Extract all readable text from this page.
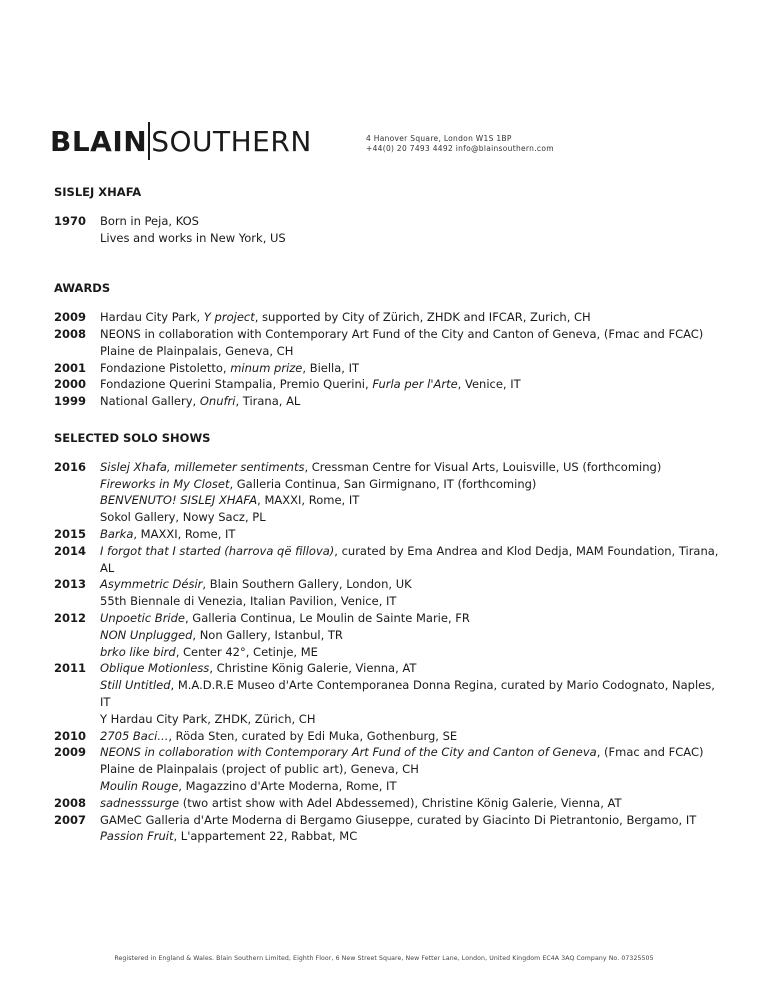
BLAIN SOUTHERN	4 Hanover Square, London W1S 1BP
+44(0) 20 7493 4492 info@blainsouthern.com
SISLEJ XHAFA
1970	Born in Peja, KOS
Lives and works in New York, US
AWARDS
2009	Hardau City Park, Y project, supported by City of Zürich, ZHDK and IFCAR, Zurich, CH
2008	NEONS in collaboration with Contemporary Art Fund of the City and Canton of Geneva, (Fmac and FCAC)
Plaine de Plainpalais, Geneva, CH
2001	Fondazione Pistoletto, minum prize, Biella, IT
2000	Fondazione Querini Stampalia, Premio Querini, Furla per l'Arte, Venice, IT
1999	National Gallery, Onufri, Tirana, AL
SELECTED SOLO SHOWS
2016	Sislej Xhafa, millemeter sentiments, Cressman Centre for Visual Arts, Louisville, US (forthcoming)
Fireworks in My Closet, Galleria Continua, San Girmignano, IT (forthcoming)
BENVENUTO! SISLEJ XHAFA, MAXXI, Rome, IT
Sokol Gallery, Nowy Sacz, PL
2015	Barka, MAXXI, Rome, IT
2014	I forgot that I started (harrova që fillova), curated by Ema Andrea and Klod Dedja, MAM Foundation, Tirana, AL
2013	Asymmetric Désir, Blain Southern Gallery, London, UK
55th Biennale di Venezia, Italian Pavilion, Venice, IT
2012	Unpoetic Bride, Galleria Continua, Le Moulin de Sainte Marie, FR
NON Unplugged, Non Gallery, Istanbul, TR
brko like bird, Center 42°, Cetinje, ME
2011	Oblique Motionless, Christine König Galerie, Vienna, AT
Still Untitled, M.A.D.R.E Museo d'Arte Contemporanea Donna Regina, curated by Mario Codognato, Naples, IT
Y Hardau City Park, ZHDK, Zürich, CH
2010	2705 Baci..., Röda Sten, curated by Edi Muka, Gothenburg, SE
2009	NEONS in collaboration with Contemporary Art Fund of the City and Canton of Geneva, (Fmac and FCAC)
Plaine de Plainpalais (project of public art), Geneva, CH
Moulin Rouge, Magazzino d'Arte Moderna, Rome, IT
2008	sadnesssurge (two artist show with Adel Abdessemed), Christine König Galerie, Vienna, AT
2007	GAMeC Galleria d'Arte Moderna di Bergamo Giuseppe, curated by Giacinto Di Pietrantonio, Bergamo, IT
Passion Fruit, L'appartement 22, Rabbat, MC
Registered in England & Wales. Blain Southern Limited, Eighth Floor, 6 New Street Square, New Fetter Lane, London, United Kingdom EC4A 3AQ Company No. 07325505
